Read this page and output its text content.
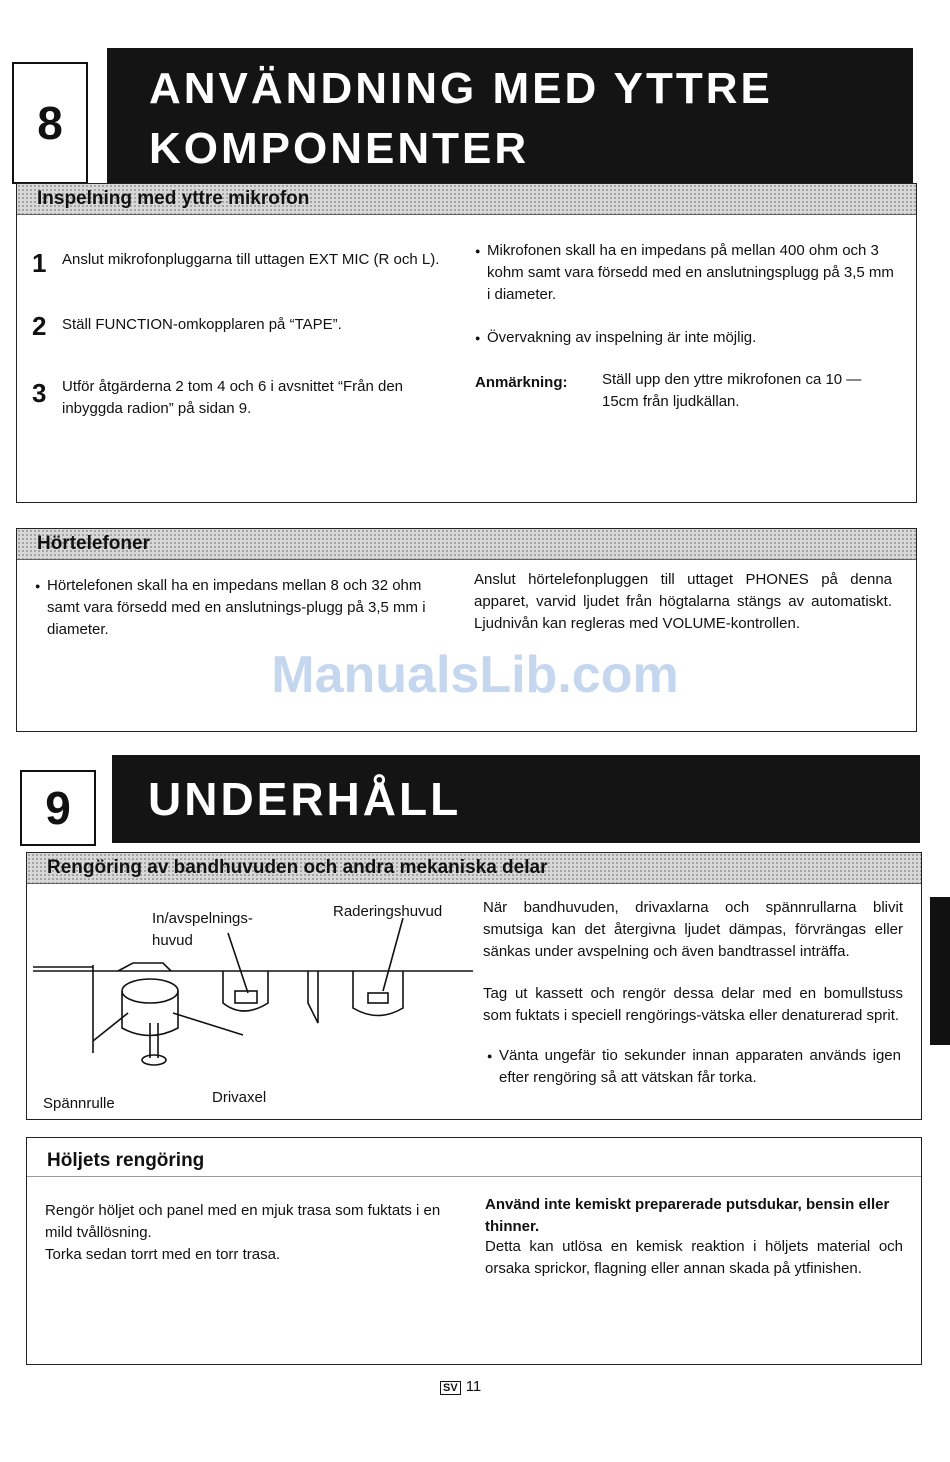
8
ANVÄNDNING MED YTTRE
KOMPONENTER
Inspelning med yttre mikrofon
1 Anslut mikrofonpluggarna till uttagen EXT MIC (R och L).
2 Ställ FUNCTION-omkopplaren på “TAPE”.
3 Utför åtgärderna 2 tom 4 och 6 i avsnittet “Från den inbyggda radion” på sidan 9.
● Mikrofonen skall ha en impedans på mellan 400 ohm och 3 kohm samt vara försedd med en anslutningsplugg på 3,5 mm i diameter.
● Övervakning av inspelning är inte möjlig.
Anmärkning: Ställ upp den yttre mikrofonen ca 10 — 15cm från ljudkällan.
Hörtelefoner
● Hörtelefonen skall ha en impedans mellan 8 och 32 ohm samt vara försedd med en anslutnings-plugg på 3,5 mm i diameter.
Anslut hörtelefonpluggen till uttaget PHONES på denna apparet, varvid ljudet från högtalarna stängs av automatiskt. Ljudnivån kan regleras med VOLUME-kontrollen.
ManualsLib.com
9	UNDERHÅLL
Rengöring av bandhuvuden och andra mekaniska delar
In/avspelnings-
huvud
Raderingshuvud
Spännrulle	Drivaxel
När bandhuvuden, drivaxlarna och spännrullarna blivit smutsiga kan det återgivna ljudet dämpas, förvrängas eller sänkas under avspelning och även bandtrassel inträffa.
Tag ut kassett och rengör dessa delar med en bomullstuss som fuktats i speciell rengörings-vätska eller denaturerad sprit.
● Vänta ungefär tio sekunder innan apparaten används igen efter rengöring så att vätskan får torka.
Höljets rengöring
Rengör höljet och panel med en mjuk trasa som fuktats i en mild tvållösning.
Torka sedan torrt med en torr trasa.
Använd inte kemiskt preparerade putsdukar, bensin eller thinner.
Detta kan utlösa en kemisk reaktion i höljets material och orsaka sprickor, flagning eller annan skada på ytfinishen.
SV 11
